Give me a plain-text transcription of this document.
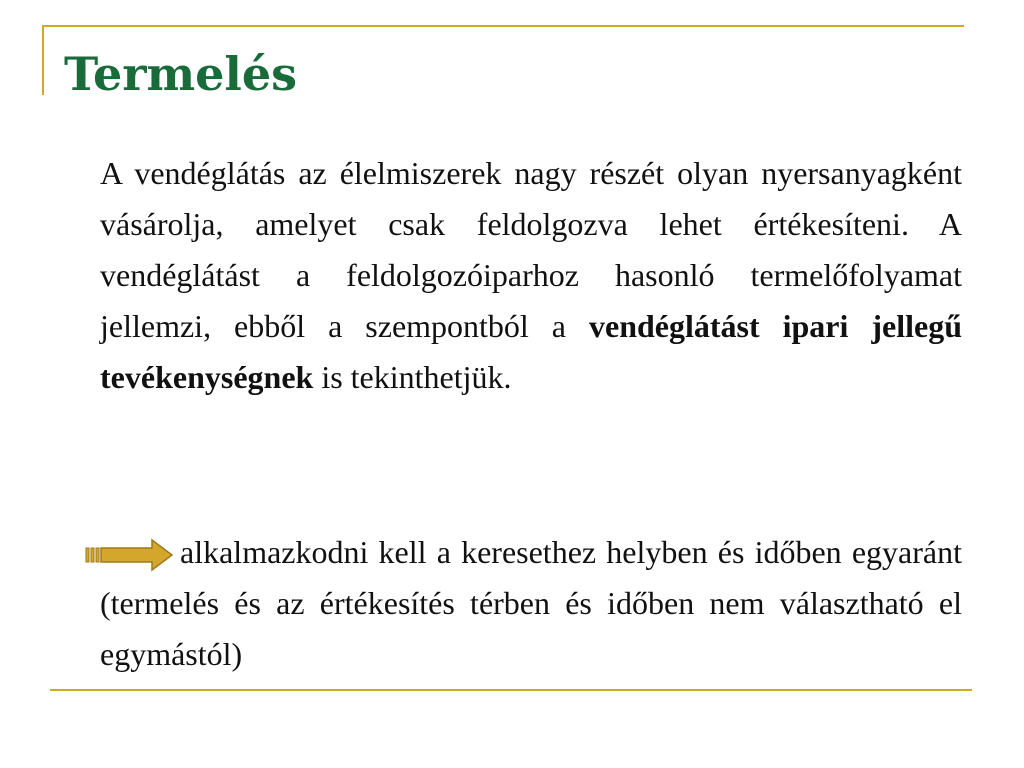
Termelés

A vendéglátás az élelmiszerek nagy részét olyan nyersanyagként vásárolja, amelyet csak feldolgozva lehet értékesíteni. A vendéglátást a feldolgozóiparhoz hasonló termelőfolyamat jellemzi, ebből a szempontból a vendéglátást ipari jellegű tevékenységnek is tekinthetjük.

alkalmazkodni kell a keresethez helyben és időben egyaránt (termelés és az értékesítés térben és időben nem választható el egymástól)
